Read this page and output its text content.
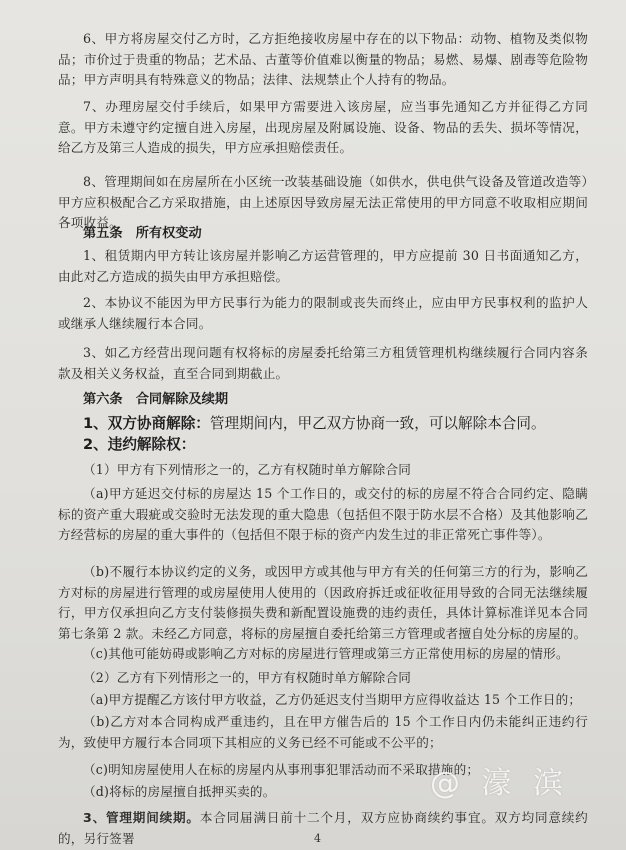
6、甲方将房屋交付乙方时，乙方拒绝接收房屋中存在的以下物品：动物、植物及类似物品；市价过于贵重的物品；艺术品、古董等价值难以衡量的物品；易燃、易爆、剧毒等危险物品；甲方声明具有特殊意义的物品；法律、法规禁止个人持有的物品。

7、办理房屋交付手续后，如果甲方需要进入该房屋，应当事先通知乙方并征得乙方同意。甲方未遵守约定擅自进入房屋，出现房屋及附属设施、设备、物品的丢失、损坏等情况，给乙方及第三人造成的损失，甲方应承担赔偿责任。

8、管理期间如在房屋所在小区统一改装基础设施（如供水，供电供气设备及管道改造等）甲方应积极配合乙方采取措施，由上述原因导致房屋无法正常使用的甲方同意不收取相应期间各项收益。

第五条　所有权变动

1、租赁期内甲方转让该房屋并影响乙方运营管理的，甲方应提前 30 日书面通知乙方，由此对乙方造成的损失由甲方承担赔偿。

2、本协议不能因为甲方民事行为能力的限制或丧失而终止，应由甲方民事权利的监护人或继承人继续履行本合同。

3、如乙方经营出现问题有权将标的房屋委托给第三方租赁管理机构继续履行合同内容条款及相关义务权益，直至合同到期截止。

第六条　合同解除及续期

1、双方协商解除：管理期间内，甲乙双方协商一致，可以解除本合同。

2、违约解除权：

（1）甲方有下列情形之一的，乙方有权随时单方解除合同

（a)甲方延迟交付标的房屋达 15 个工作日的，或交付的标的房屋不符合合同约定、隐瞒标的资产重大瑕疵或交验时无法发现的重大隐患（包括但不限于防水层不合格）及其他影响乙方经营标的房屋的重大事件的（包括但不限于标的资产内发生过的非正常死亡事件等）。

（b)不履行本协议约定的义务，或因甲方或其他与甲方有关的任何第三方的行为，影响乙方对标的房屋进行管理的或房屋使用人使用的（因政府拆迁或征收征用导致的合同无法继续履行，甲方仅承担向乙方支付装修损失费和新配置设施费的违约责任，具体计算标准详见本合同第七条第 2 款。未经乙方同意，将标的房屋擅自委托给第三方管理或者擅自处分标的房屋的。

（c)其他可能妨碍或影响乙方对标的房屋进行管理或第三方正常使用标的房屋的情形。

（2）乙方有下列情形之一的，甲方有权随时单方解除合同

（a)甲方提醒乙方该付甲方收益，乙方仍延迟支付当期甲方应得收益达 15 个工作日的；

（b)乙方对本合同构成严重违约，且在甲方催告后的 15 个工作日内仍未能纠正违约行为，致使甲方履行本合同项下其相应的义务已经不可能或不公平的；

（c)明知房屋使用人在标的房屋内从事刑事犯罪活动而不采取措施的；

（d)将标的房屋擅自抵押买卖的。

3、管理期间续期。本合同届满日前十二个月，双方应协商续约事宜。双方均同意续约的，另行签署	4
@ 濠 滨
